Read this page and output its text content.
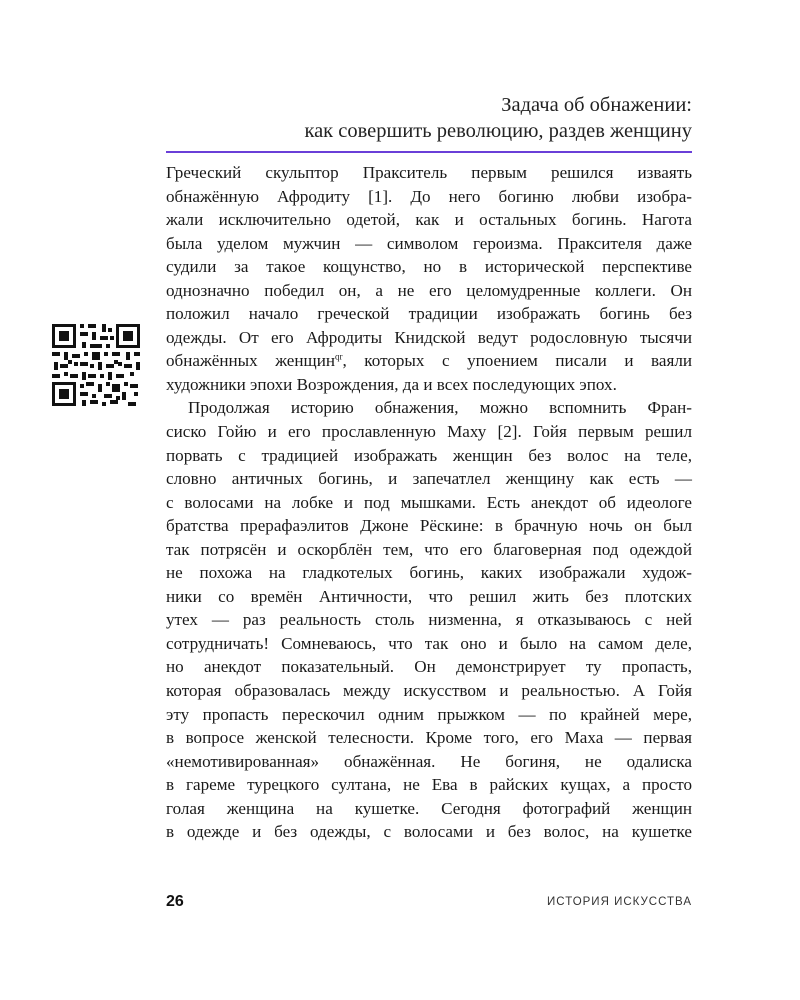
Задача об обнажении:
как совершить революцию, раздев женщину
Греческий скульптор Пракситель первым решился изваять
обнажённую Афродиту [1]. До него богиню любви изобра-
жали исключительно одетой, как и остальных богинь. Нагота
была уделом мужчин — символом героизма. Праксителя даже
судили за такое кощунство, но в исторической перспективе
однозначно победил он, а не его целомудренные коллеги. Он
положил начало греческой традиции изображать богинь без
одежды. От его Афродиты Книдской ведут родословную тысячи
обнажённых женщин$^{qr}$, которых с упоением писали и ваяли
художники эпохи Возрождения, да и всех последующих эпох.
Продолжая историю обнажения, можно вспомнить Фран-
сиско Гойю и его прославленную Маху [2]. Гойя первым решил
порвать с традицией изображать женщин без волос на теле,
словно античных богинь, и запечатлел женщину как есть —
с волосами на лобке и под мышками. Есть анекдот об идеологе
братства прерафаэлитов Джоне Рёскине: в брачную ночь он был
так потрясён и оскорблён тем, что его благоверная под одеждой
не похожа на гладкотелых богинь, каких изображали худож-
ники со времён Античности, что решил жить без плотских
утех — раз реальность столь низменна, я отказываюсь с ней
сотрудничать! Сомневаюсь, что так оно и было на самом деле,
но анекдот показательный. Он демонстрирует ту пропасть,
которая образовалась между искусством и реальностью. А Гойя
эту пропасть перескочил одним прыжком — по крайней мере,
в вопросе женской телесности. Кроме того, его Маха — первая
«немотивированная» обнажённая. Не богиня, не одалиска
в гареме турецкого султана, не Ева в райских кущах, а просто
голая женщина на кушетке. Сегодня фотографий женщин
в одежде и без одежды, с волосами и без волос, на кушетке
26	ИСТОРИЯ ИСКУССТВА
